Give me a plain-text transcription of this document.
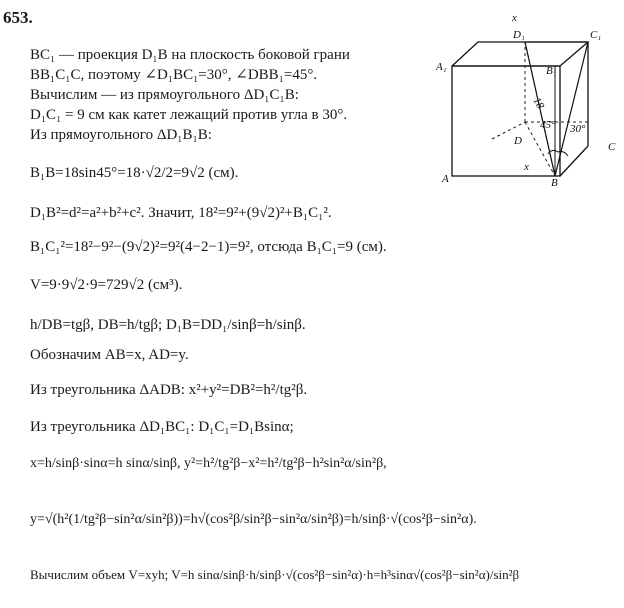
653.
BC₁ — проекция D₁B на плоскость боковой грани
BB₁C₁C, поэтому ∠D₁BC₁=30°, ∠DBB₁=45°.
Вычислим — из прямоугольного ΔD₁C₁B:
D₁C₁ = 9 см как катет лежащий против угла в 30°.
Из прямоугольного ΔD₁B₁B:
B₁B=18sin45°=18·√2/2=9√2 (см).
D₁B²=d²=a²+b²+c². Значит, 18²=9²+(9√2)²+B₁C₁².
B₁C₁²=18²−9²−(9√2)²=9²(4−2−1)=9², отсюда B₁C₁=9 (см).
V=9·9√2·9=729√2 (см³).
h/DB=tgβ, DB=h/tgβ; D₁B=DD₁/sinβ=h/sinβ.
Обозначим AB=x, AD=y.
Из треугольника ΔADB: x²+y²=DB²=h²/tg²β.
Из треугольника ΔD₁BC₁: D₁C₁=D₁Bsinα;
x=h/sinβ·sinα=h sinα/sinβ, y²=h²/tg²β−x²=h²/tg²β−h²sin²α/sin²β,
y=√(h²(1/tg²β−sin²α/sin²β))=h√(cos²β/sin²β−sin²α/sin²β)=h/sinβ·√(cos²β−sin²α).
Вычислим объем V=xyh; V=h sinα/sinβ·h/sinβ·√(cos²β−sin²α)·h=h³sinα√(cos²β−sin²α)/sin²β
x
D₁	C₁
A₁	B₁
D	C
A	B
18
45° 30°
x
